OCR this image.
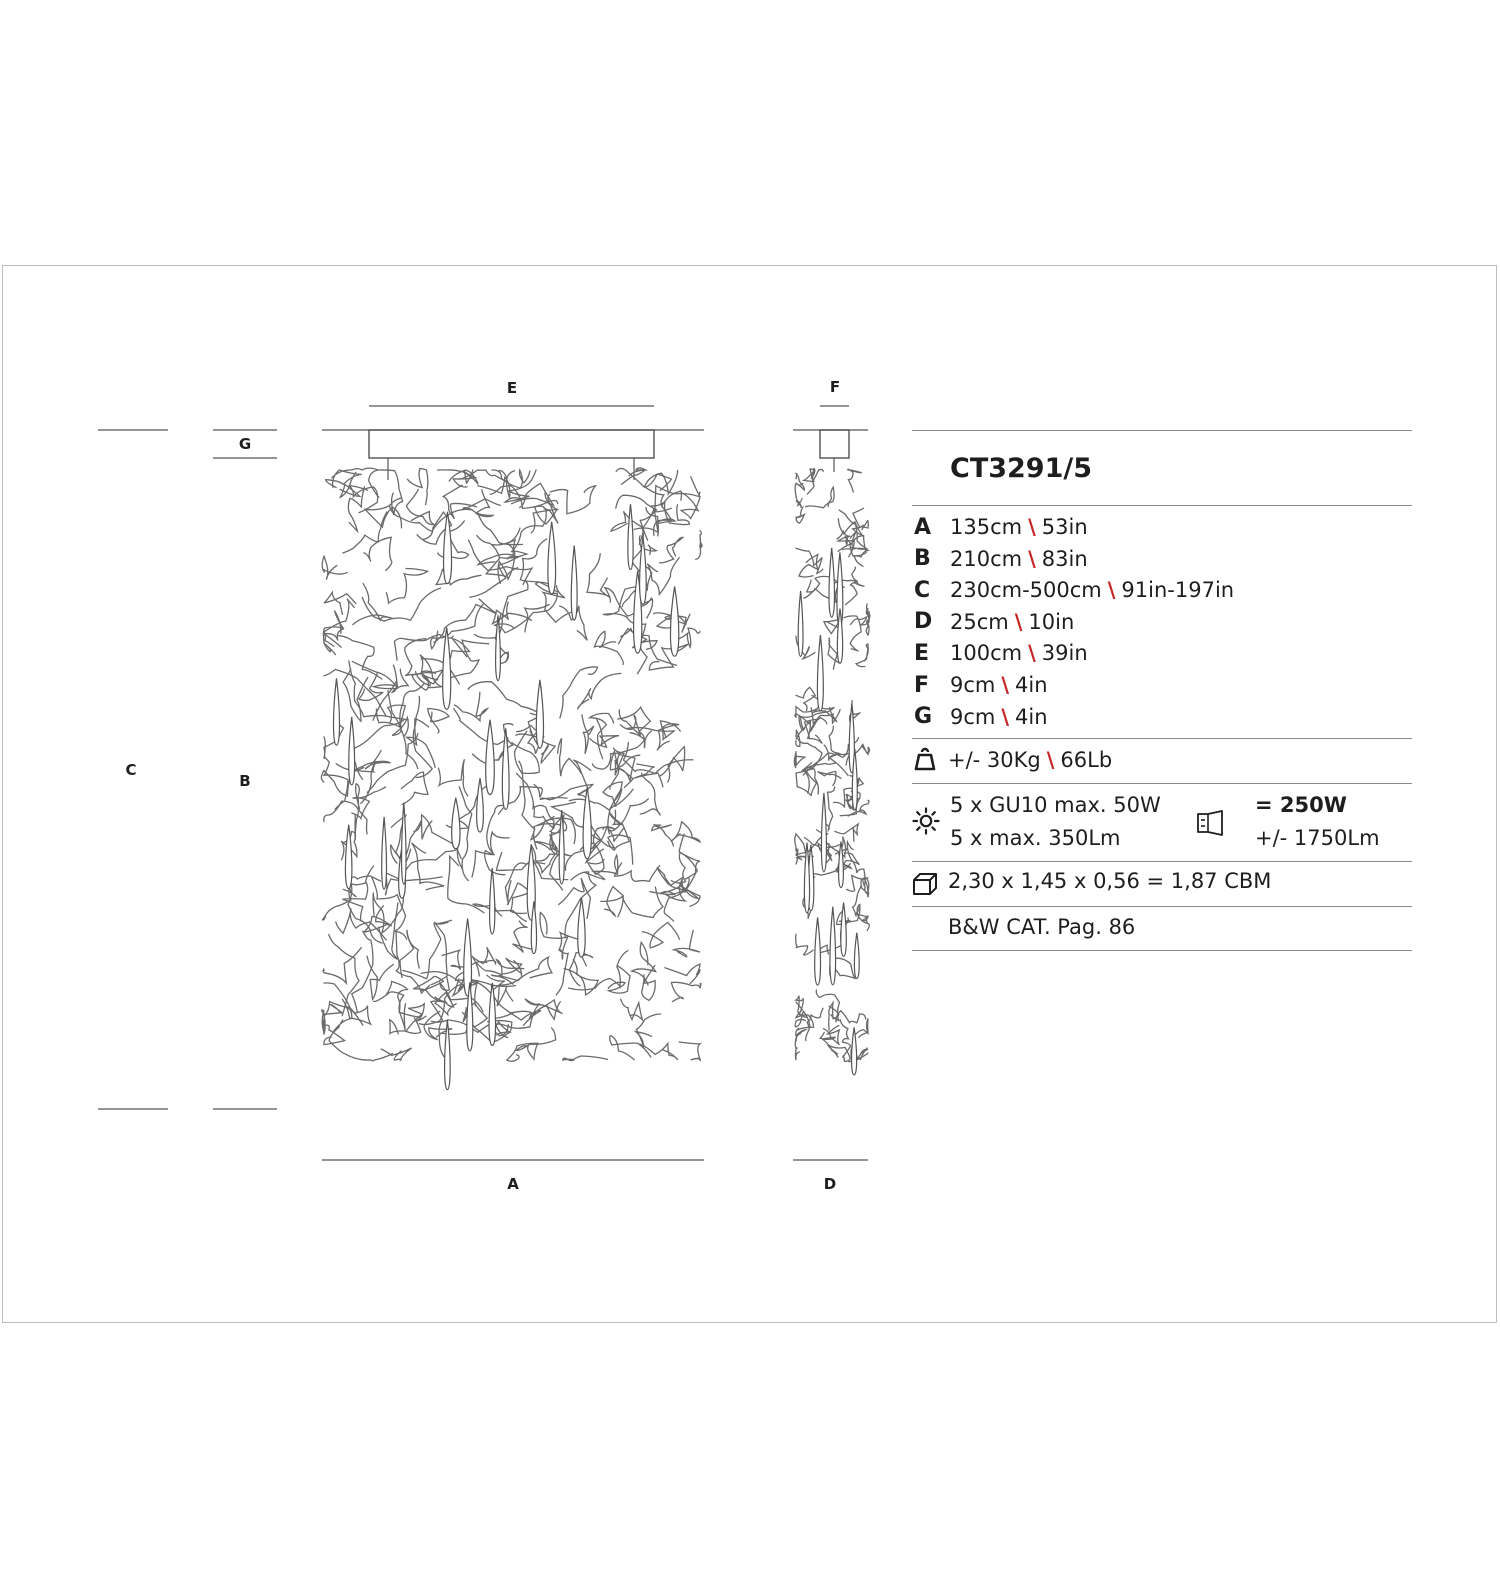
E	F
G
C
B
A	D
CT3291/5
+/- 30Kg \ 66Lb
5 x GU10 max. 50W
5 x max. 350Lm
= 250W
+/- 1750Lm
2,30 x 1,45 x 0,56 = 1,87 CBM
B&W CAT. Pag. 86
A 135cm \ 53in
B 210cm \ 83in
C 230cm-500cm \ 91in-197in
D 25cm \ 10in
E 100cm \ 39in
F 9cm \ 4in
G 9cm \ 4in
